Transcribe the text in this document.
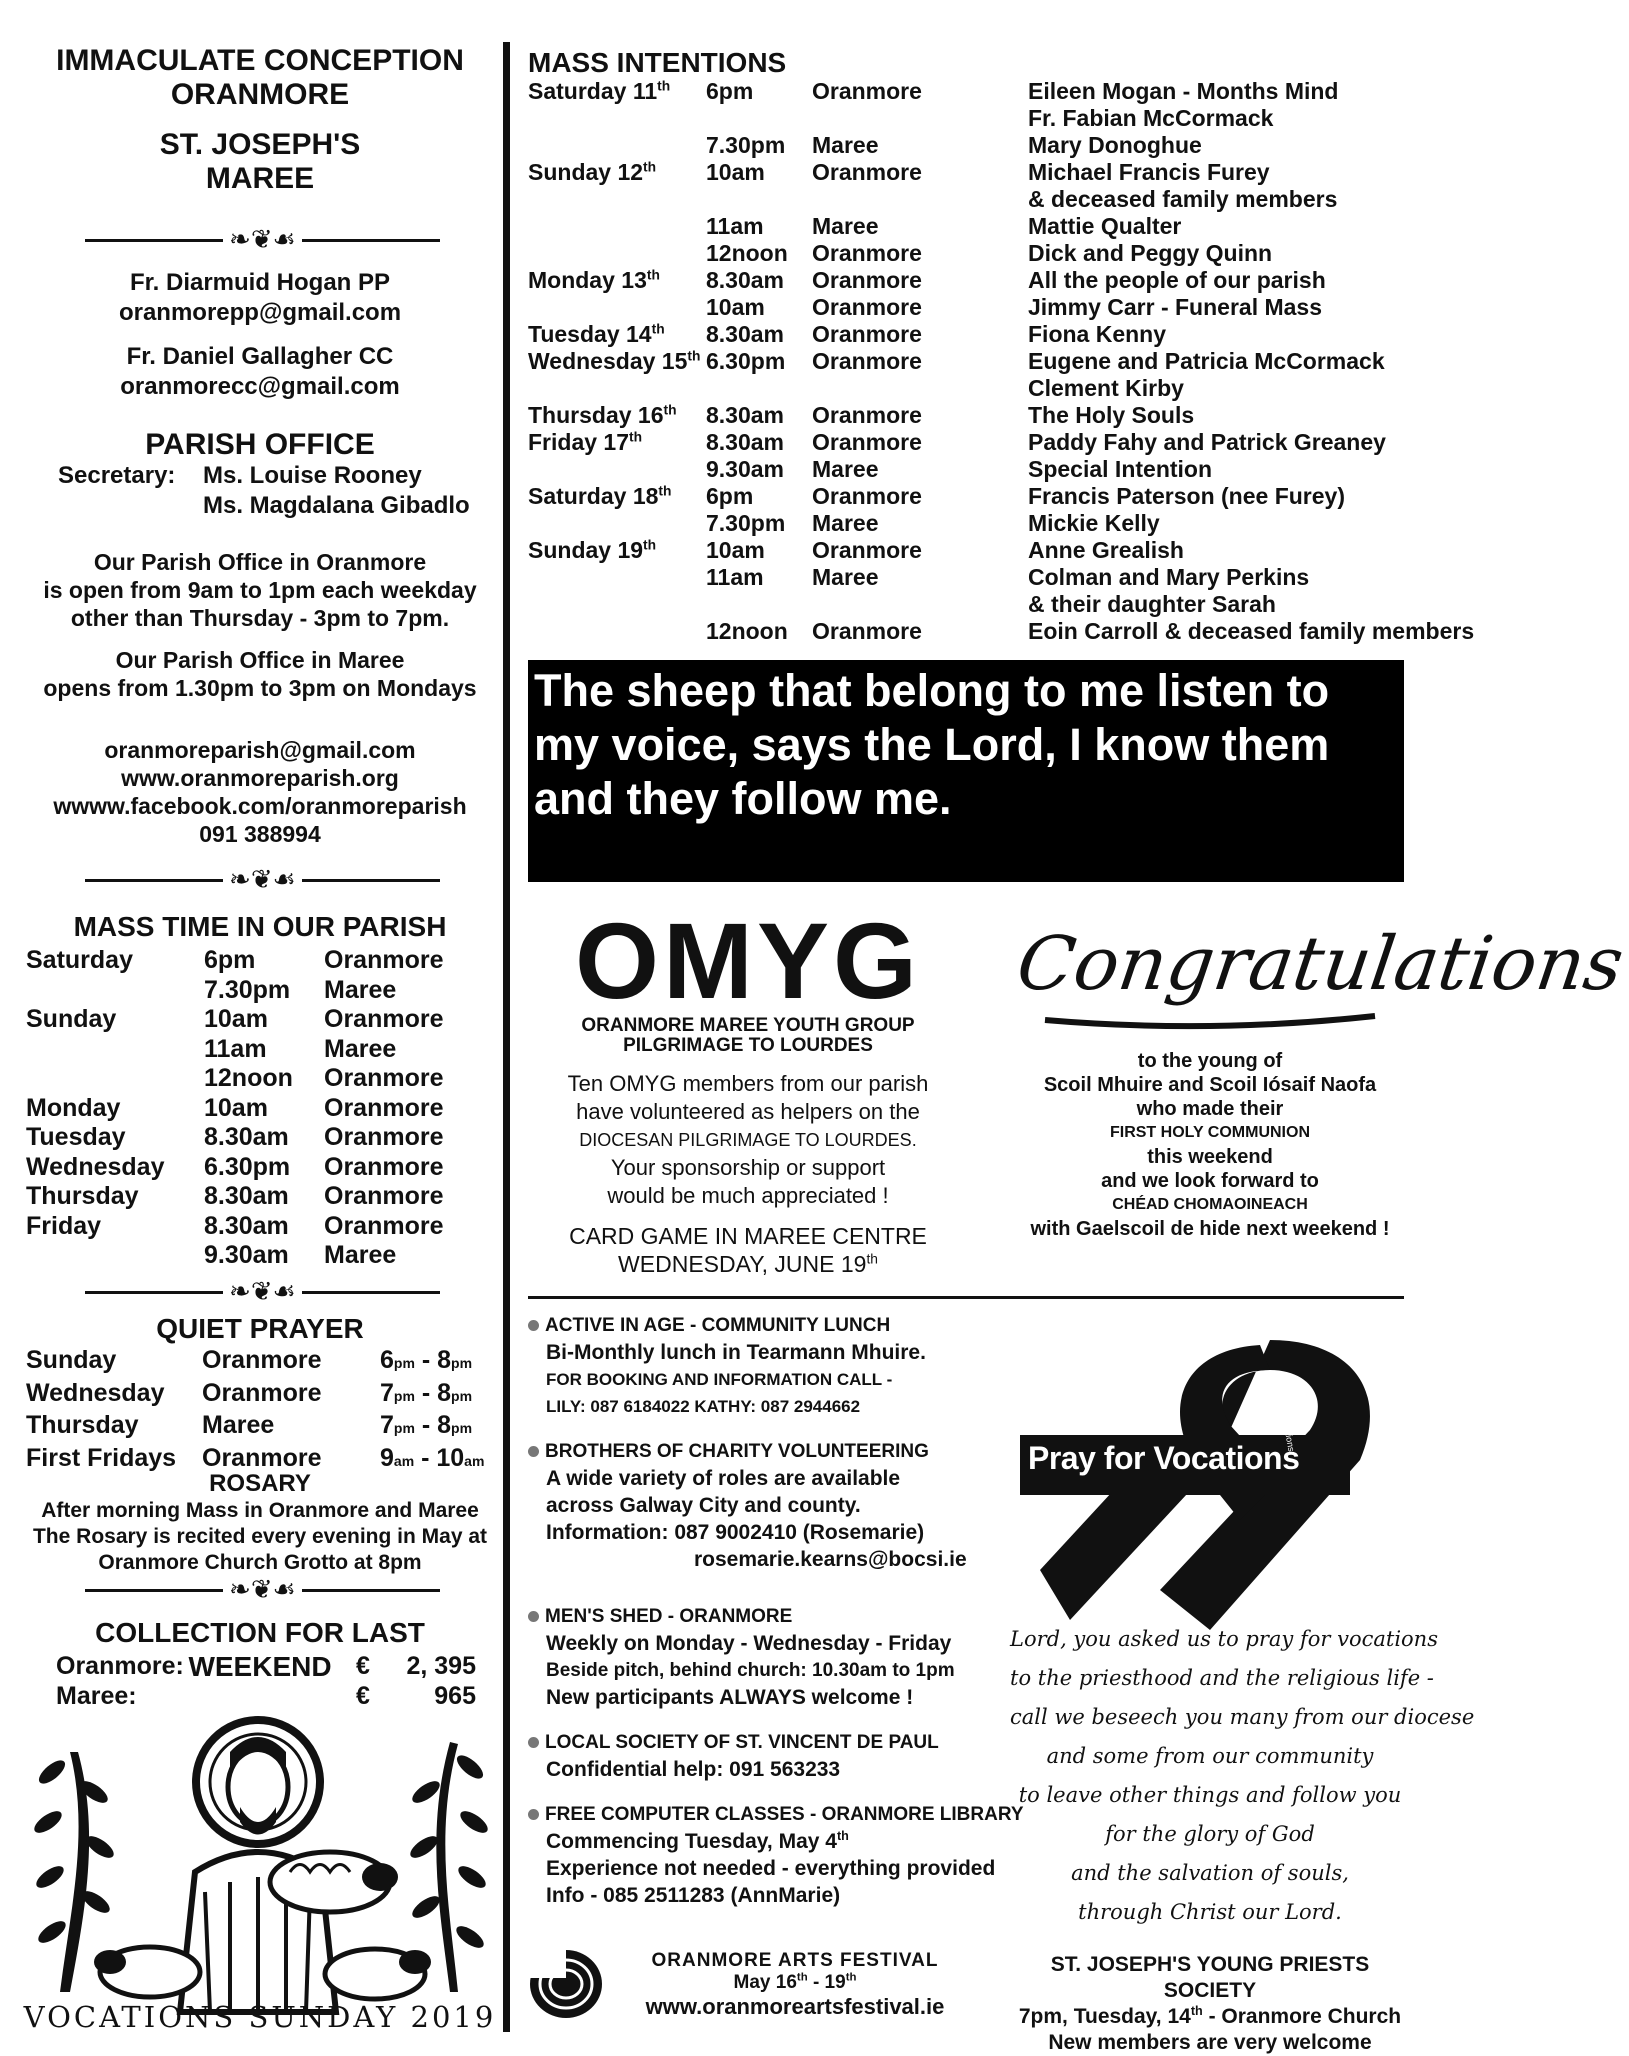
IMMACULATE CONCEPTION
ORANMORE
ST. JOSEPH'S
MAREE
❧❦☙
Fr. Diarmuid Hogan PP
oranmorepp@gmail.com
Fr. Daniel Gallagher CC
oranmorecc@gmail.com
PARISH OFFICE
Secretary: Ms. Louise Rooney
Ms. Magdalana Gibadlo
Our Parish Office in Oranmore
is open from 9am to 1pm each weekday
other than Thursday - 3pm to 7pm.
Our Parish Office in Maree
opens from 1.30pm to 3pm on Mondays
oranmoreparish@gmail.com
www.oranmoreparish.org
wwww.facebook.com/oranmoreparish
091 388994
❧❦☙
MASS TIME IN OUR PARISH
Saturday	6pm	Oranmore
7.30pm	Maree
Sunday	10am	Oranmore
11am	Maree
12noon	Oranmore
Monday	10am	Oranmore
Tuesday	8.30am	Oranmore
Wednesday	6.30pm	Oranmore
Thursday	8.30am	Oranmore
Friday	8.30am	Oranmore
9.30am	Maree
❧❦☙
QUIET PRAYER
Sunday	Oranmore	6pm - 8pm
Wednesday	Oranmore	7pm - 8pm
Thursday	Maree	7pm - 8pm
First Fridays	Oranmore	9am - 10am
ROSARY
After morning Mass in Oranmore and Maree
The Rosary is recited every evening in May at
Oranmore Church Grotto at 8pm
❧❦☙
COLLECTION FOR LAST WEEKEND
Oranmore:	€	2, 395
Maree:	€	965
VOCATIONS SUNDAY 2019
MASS INTENTIONS
Saturday 11th 6pm	Oranmore	Eileen Mogan - Months Mind
Fr. Fabian McCormack
7.30pm Maree	Mary Donoghue
Sunday 12th 10am Oranmore	Michael Francis Furey
& deceased family members
11am Maree	Mattie Qualter
12noon Oranmore	Dick and Peggy Quinn
Monday 13th 8.30am Oranmore	All the people of our parish
10am Oranmore	Jimmy Carr - Funeral Mass
Tuesday 14th 8.30am Oranmore	Fiona Kenny
Wednesday 15th 6.30pm Oranmore	Eugene and Patricia McCormack
Clement Kirby
Thursday 16th 8.30am Oranmore	The Holy Souls
Friday 17th	8.30am Oranmore	Paddy Fahy and Patrick Greaney
9.30am Maree	Special Intention
Saturday 18th 6pm	Oranmore	Francis Paterson (nee Furey)
7.30pm Maree	Mickie Kelly
Sunday 19th 10am Oranmore	Anne Grealish
11am Maree	Colman and Mary Perkins
& their daughter Sarah
12noon Oranmore	Eoin Carroll & deceased family members
The sheep that belong to me listen to my voice, says the Lord, I know them and they follow me.
OMYG
ORANMORE MAREE YOUTH GROUP
PILGRIMAGE TO LOURDES
Ten OMYG members from our parish
have volunteered as helpers on the
DIOCESAN PILGRIMAGE TO LOURDES.
Your sponsorship or support
would be much appreciated !
CARD GAME IN MAREE CENTRE
WEDNESDAY, JUNE 19th
Congratulations
to the young of
Scoil Mhuire and Scoil Iósaif Naofa
who made their
FIRST HOLY COMMUNION
this weekend
and we look forward to
CHÉAD CHOMAOINEACH
with Gaelscoil de hide next weekend !
ACTIVE IN AGE - COMMUNITY LUNCH
Bi-Monthly lunch in Tearmann Mhuire.
FOR BOOKING AND INFORMATION CALL -
LILY: 087 6184022 KATHY: 087 2944662
BROTHERS OF CHARITY VOLUNTEERING
A wide variety of roles are available
across Galway City and county.
Information: 087 9002410 (Rosemarie)
rosemarie.kearns@bocsi.ie
MEN'S SHED - ORANMORE
Weekly on Monday - Wednesday - Friday
Beside pitch, behind church: 10.30am to 1pm
New participants ALWAYS welcome !
LOCAL SOCIETY OF ST. VINCENT DE PAUL
Confidential help: 091 563233
FREE COMPUTER CLASSES - ORANMORE LIBRARY
Commencing Tuesday, May 4th
Experience not needed - everything provided
Info - 085 2511283 (AnnMarie)
ORANMORE ARTS FESTIVAL
May 16th - 19th
www.oranmoreartsfestival.ie
Pray for Vocations
Pray for Vocations
Lord, you asked us to pray for vocations
to the priesthood and the religious life -
call we beseech you many from our diocese
and some from our community
to leave other things and follow you
for the glory of God
and the salvation of souls,
through Christ our Lord.
ST. JOSEPH'S YOUNG PRIESTS SOCIETY
7pm, Tuesday, 14th - Oranmore Church
New members are very welcome
